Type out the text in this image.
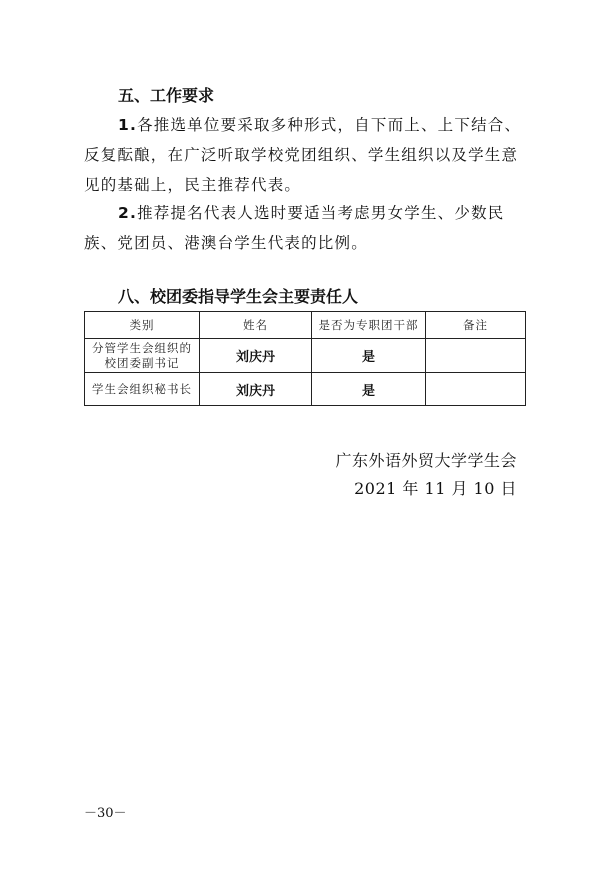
五、工作要求

1.各推选单位要采取多种形式，自下而上、上下结合、反复酝酿，在广泛听取学校党团组织、学生组织以及学生意见的基础上，民主推荐代表。

2.推荐提名代表人选时要适当考虑男女学生、少数民族、党团员、港澳台学生代表的比例。

八、校团委指导学生会主要责任人
类别	姓名	是否为专职团干部	备注

分管学生会组织的
校团委副书记	刘庆丹	是	

学生会组织秘书长	刘庆丹	是	
广东外语外贸大学学生会
2021 年 11 月 10 日
－30－
